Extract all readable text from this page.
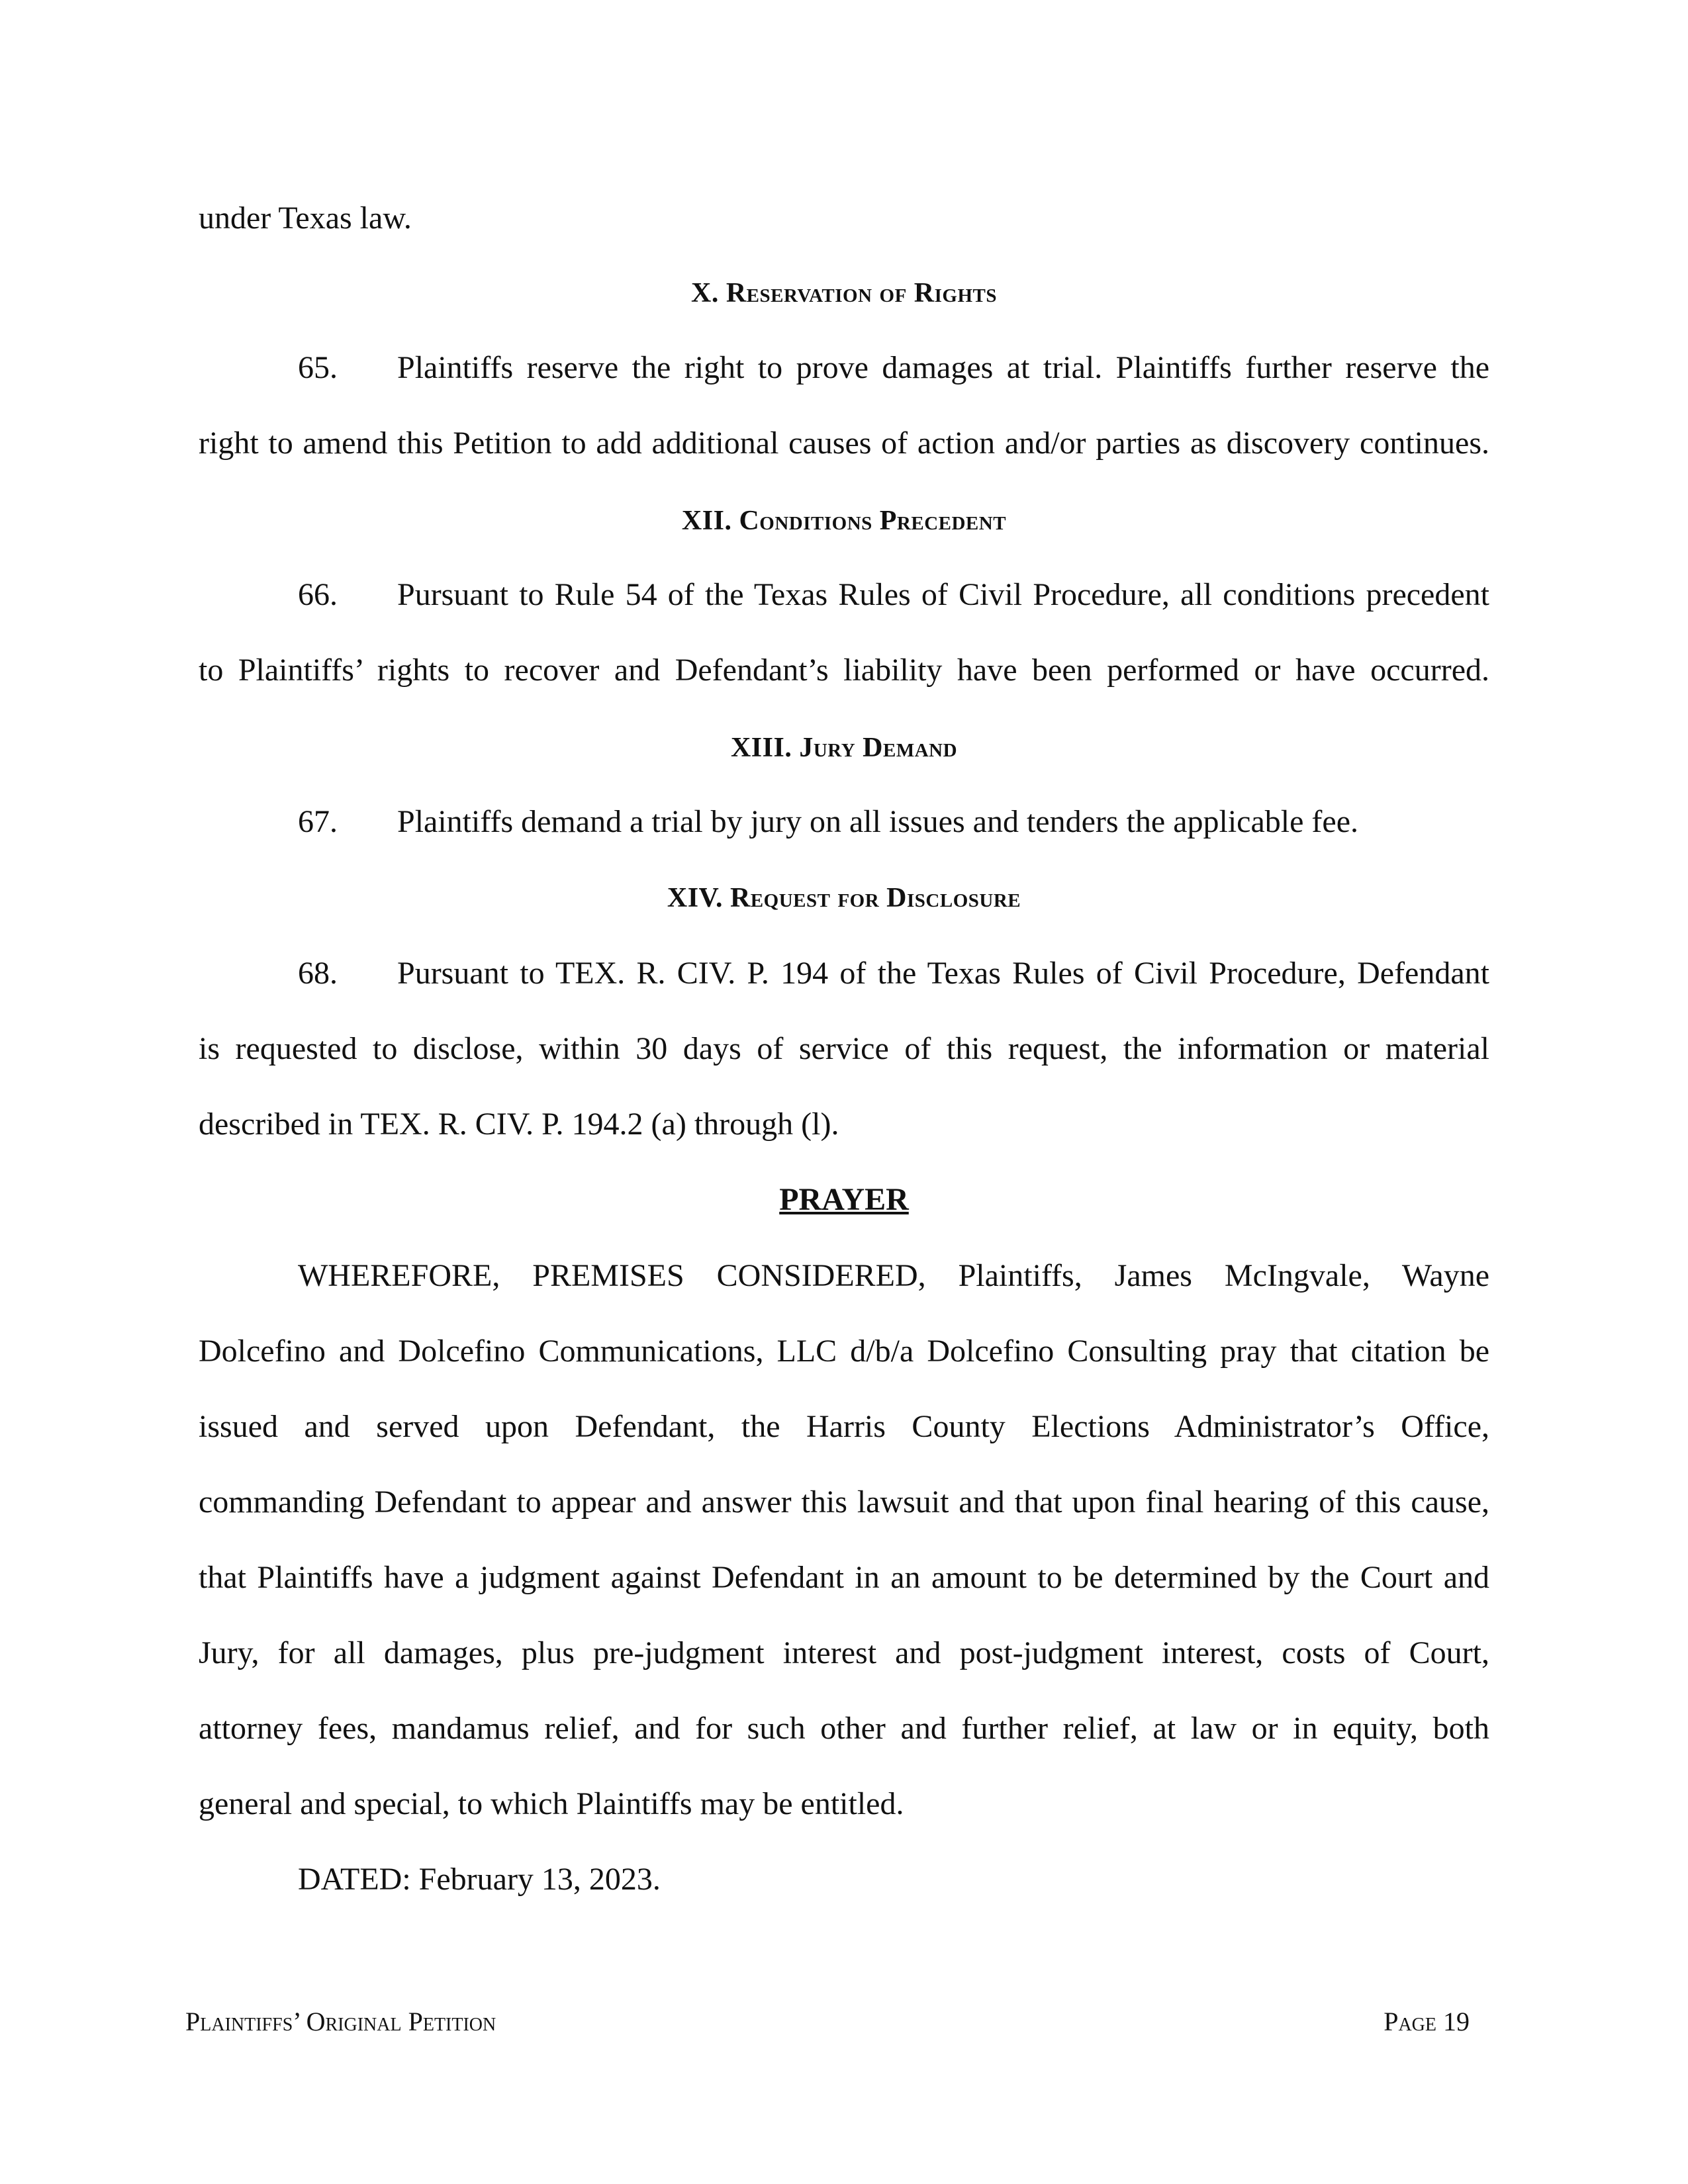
under Texas law.
X. Reservation of Rights
65. Plaintiffs reserve the right to prove damages at trial. Plaintiffs further reserve the
right to amend this Petition to add additional causes of action and/or parties as discovery continues.
XII. Conditions Precedent
66. Pursuant to Rule 54 of the Texas Rules of Civil Procedure, all conditions precedent
to Plaintiffs’ rights to recover and Defendant’s liability have been performed or have occurred.
XIII. Jury Demand
67. Plaintiffs demand a trial by jury on all issues and tenders the applicable fee.
XIV. Request for Disclosure
68. Pursuant to TEX. R. CIV. P. 194 of the Texas Rules of Civil Procedure, Defendant
is requested to disclose, within 30 days of service of this request, the information or material
described in TEX. R. CIV. P. 194.2 (a) through (l).
PRAYER
WHEREFORE, PREMISES CONSIDERED, Plaintiffs, James McIngvale, Wayne
Dolcefino and Dolcefino Communications, LLC d/b/a Dolcefino Consulting pray that citation be
issued and served upon Defendant, the Harris County Elections Administrator’s Office,
commanding Defendant to appear and answer this lawsuit and that upon final hearing of this cause,
that Plaintiffs have a judgment against Defendant in an amount to be determined by the Court and
Jury, for all damages, plus pre-judgment interest and post-judgment interest, costs of Court,
attorney fees, mandamus relief, and for such other and further relief, at law or in equity, both
general and special, to which Plaintiffs may be entitled.
DATED: February 13, 2023.
Plaintiffs’ Original Petition	Page 19
